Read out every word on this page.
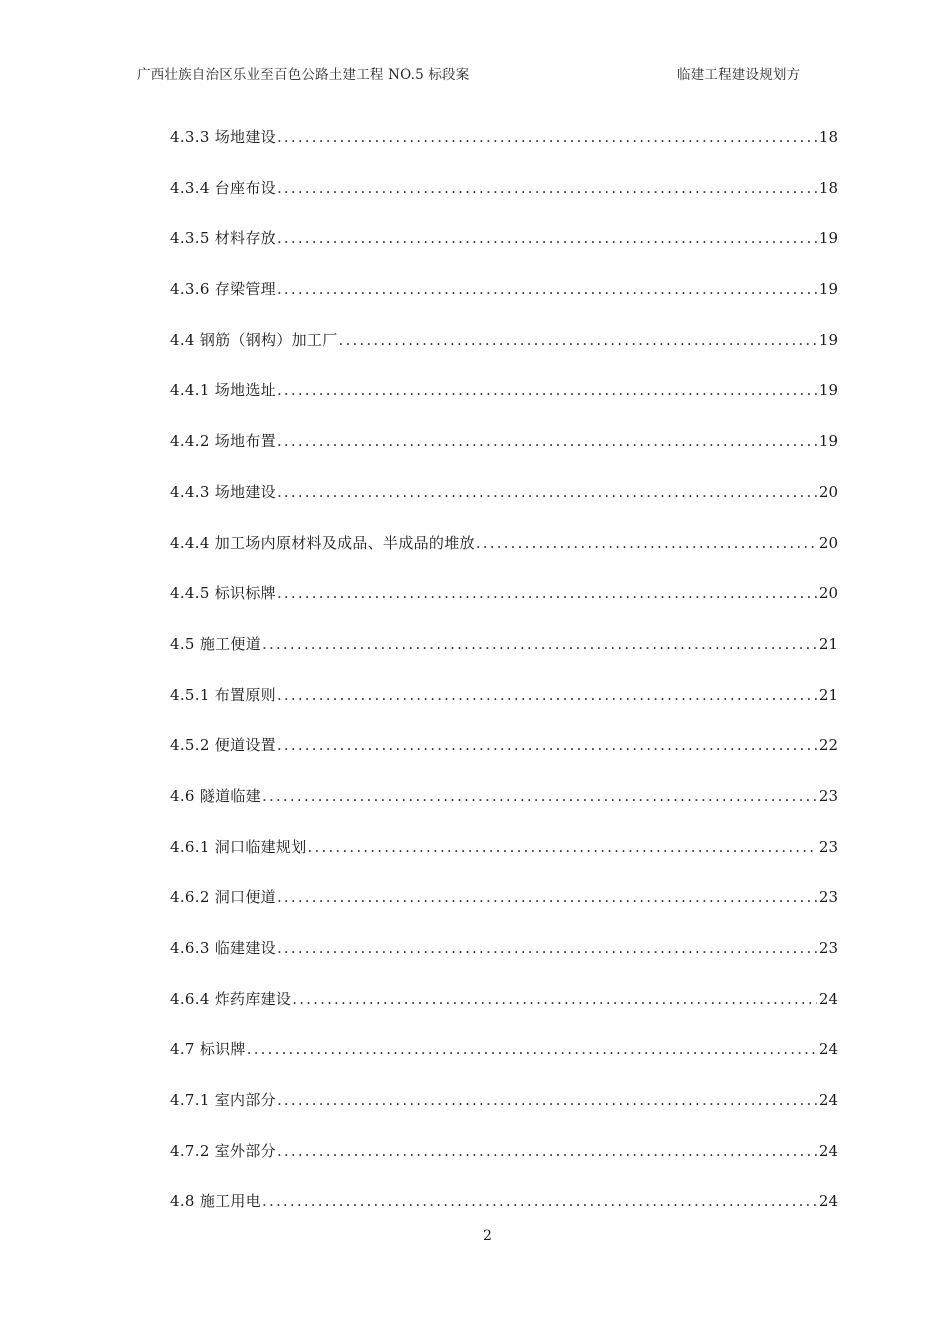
广西壮族自治区乐业至百色公路土建工程 NO.5 标段案	临建工程建设规划方
4.3.3 场地建设 .....	18
4.3.4 台座布设 .....	18
4.3.5 材料存放 .....	19
4.3.6 存梁管理 .....	19
4.4 钢筋（钢构）加工厂 .....	19
4.4.1 场地选址 .....	19
4.4.2 场地布置 .....	19
4.4.3 场地建设 .....	20
4.4.4 加工场内原材料及成品、半成品的堆放 .....	20
4.4.5 标识标牌 .....	20
4.5 施工便道 .....	21
4.5.1 布置原则 .....	21
4.5.2 便道设置 .....	22
4.6 隧道临建 .....	23
4.6.1 洞口临建规划 .....	23
4.6.2 洞口便道 .....	23
4.6.3 临建建设 .....	23
4.6.4 炸药库建设 .....	24
4.7 标识牌 .....	24
4.7.1 室内部分 .....	24
4.7.2 室外部分 .....	24
4.8 施工用电 .....	24
2
